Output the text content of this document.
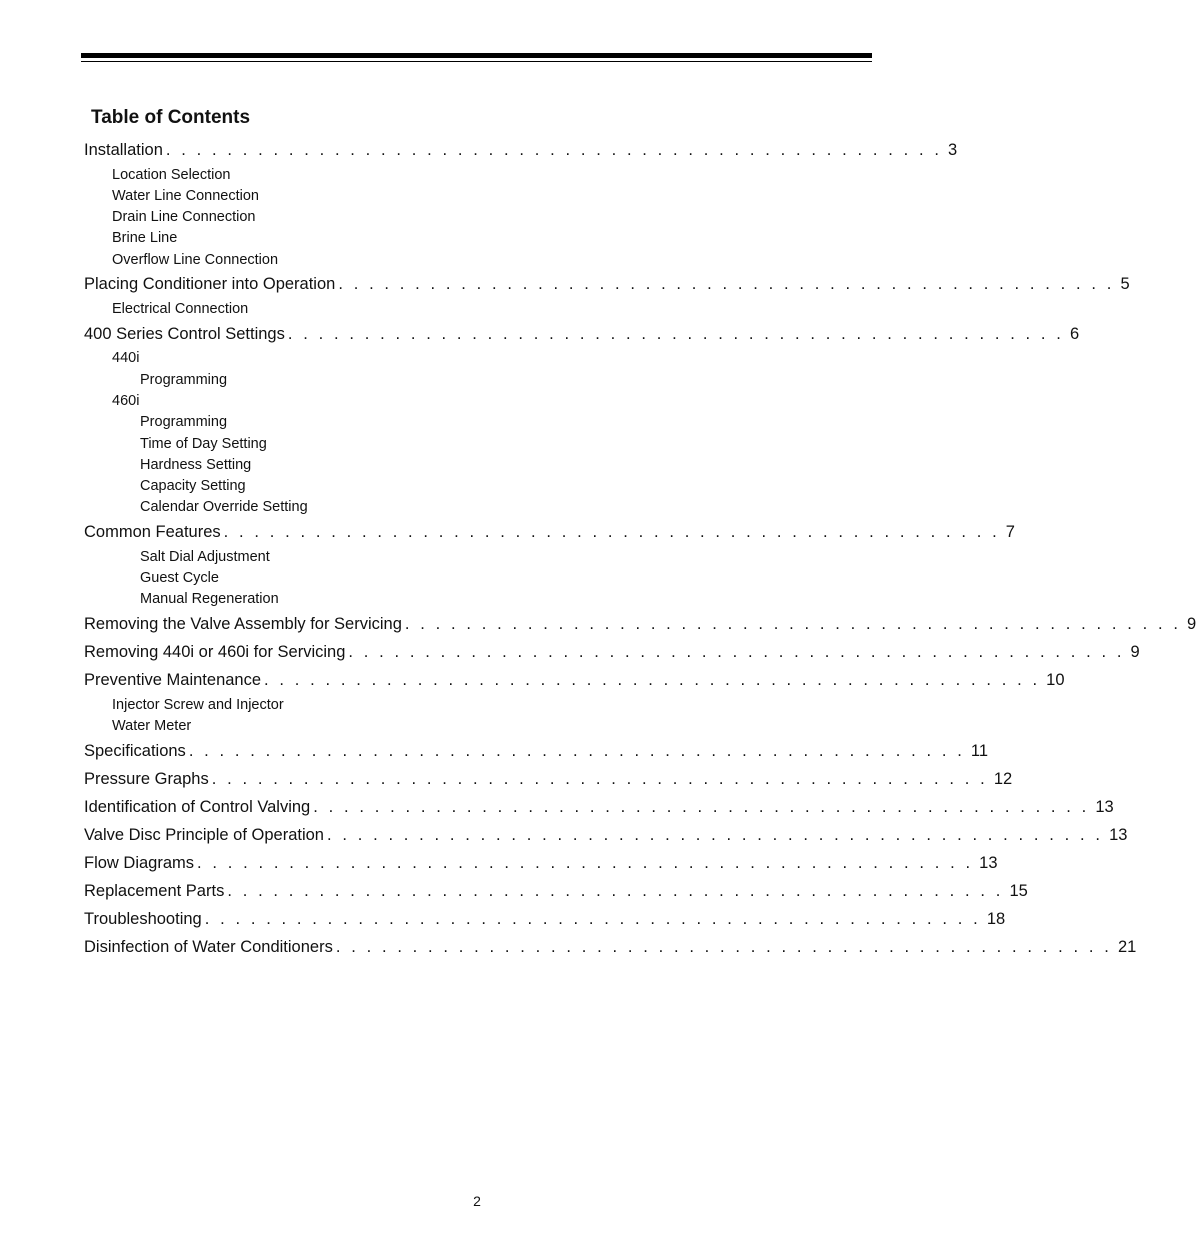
Table of Contents
Installation . . . . . . . . . . . . . . . . . . . . . . . . . . . . . . . . . . . . . . . . . . . . . . . . . . . 3
Location Selection
Water Line Connection
Drain Line Connection
Brine Line
Overflow Line Connection
Placing Conditioner into Operation . . . . . . . . . . . . . . . . . . . . . . . . . . . . . . . . . . . . . . . . . . . . . . . . . . . 5
Electrical Connection
400 Series Control Settings . . . . . . . . . . . . . . . . . . . . . . . . . . . . . . . . . . . . . . . . . . . . . . . . . . . 6
440i
Programming
460i
Programming
Time of Day Setting
Hardness Setting
Capacity Setting
Calendar Override Setting
Common Features . . . . . . . . . . . . . . . . . . . . . . . . . . . . . . . . . . . . . . . . . . . . . . . . . . . 7
Salt Dial Adjustment
Guest Cycle
Manual Regeneration
Removing the Valve Assembly for Servicing . . . . . . . . . . . . . . . . . . . . . . . . . . . . . . . . . . . . . . . . . . . . . . . . . . . 9
Removing 440i or 460i for Servicing . . . . . . . . . . . . . . . . . . . . . . . . . . . . . . . . . . . . . . . . . . . . . . . . . . . 9
Preventive Maintenance . . . . . . . . . . . . . . . . . . . . . . . . . . . . . . . . . . . . . . . . . . . . . . . . . . . 10
Injector Screw and Injector
Water Meter
Specifications . . . . . . . . . . . . . . . . . . . . . . . . . . . . . . . . . . . . . . . . . . . . . . . . . . . 11
Pressure Graphs . . . . . . . . . . . . . . . . . . . . . . . . . . . . . . . . . . . . . . . . . . . . . . . . . . . 12
Identification of Control Valving . . . . . . . . . . . . . . . . . . . . . . . . . . . . . . . . . . . . . . . . . . . . . . . . . . . 13
Valve Disc Principle of Operation . . . . . . . . . . . . . . . . . . . . . . . . . . . . . . . . . . . . . . . . . . . . . . . . . . . 13
Flow Diagrams . . . . . . . . . . . . . . . . . . . . . . . . . . . . . . . . . . . . . . . . . . . . . . . . . . . 13
Replacement Parts . . . . . . . . . . . . . . . . . . . . . . . . . . . . . . . . . . . . . . . . . . . . . . . . . . . 15
Troubleshooting . . . . . . . . . . . . . . . . . . . . . . . . . . . . . . . . . . . . . . . . . . . . . . . . . . . 18
Disinfection of Water Conditioners . . . . . . . . . . . . . . . . . . . . . . . . . . . . . . . . . . . . . . . . . . . . . . . . . . . 21
2
